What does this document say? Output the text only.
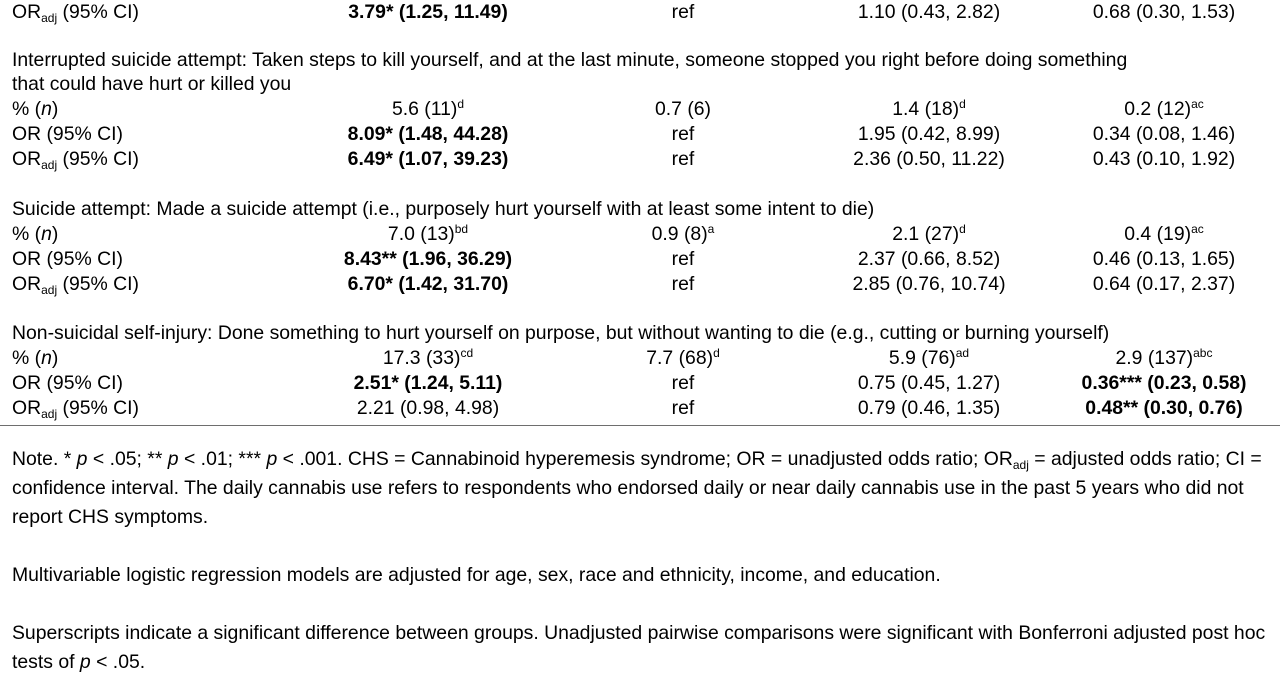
$OR_{adj}$ (95% CI)	3.79* (1.25, 11.49)	ref	1.10 (0.43, 2.82)	0.68 (0.30, 1.53)
Interrupted suicide attempt: Taken steps to kill yourself, and at the last minute, someone stopped you right before doing something
that could have hurt or killed you
% (n)	5.6 $(11)^d$	0.7 (6)	1.4 $(18)^d$	0.2 $(12)^{ac}$
OR (95% CI)	8.09* (1.48, 44.28)	ref	1.95 (0.42, 8.99)	0.34 (0.08, 1.46)
$OR_{adj}$ (95% CI)	6.49* (1.07, 39.23)	ref	2.36 (0.50, 11.22)	0.43 (0.10, 1.92)
Suicide attempt: Made a suicide attempt (i.e., purposely hurt yourself with at least some intent to die)
% (n)	7.0 $(13)^{bd}$	0.9 $(8)^a$	2.1 $(27)^d$	0.4 $(19)^{ac}$
OR (95% CI)	8.43** (1.96, 36.29)	ref	2.37 (0.66, 8.52)	0.46 (0.13, 1.65)
$OR_{adj}$ (95% CI)	6.70* (1.42, 31.70)	ref	2.85 (0.76, 10.74)	0.64 (0.17, 2.37)
Non-suicidal self-injury: Done something to hurt yourself on purpose, but without wanting to die (e.g., cutting or burning yourself)
% (n)	17.3 $(33)^{cd}$	7.7 $(68)^d$	5.9 $(76)^{ad}$	2.9 $(137)^{abc}$
OR (95% CI)	2.51* (1.24, 5.11)	ref	0.75 (0.45, 1.27)	0.36*** (0.23, 0.58)
$OR_{adj}$ (95% CI)	2.21 (0.98, 4.98)	ref	0.79 (0.46, 1.35)	0.48** (0.30, 0.76)
Note. * p < .05; ** p < .01; *** p < .001. CHS = Cannabinoid hyperemesis syndrome; OR = unadjusted odds ratio; $OR_{adj}$ = adjusted odds ratio; CI = confidence interval. The daily cannabis use refers to respondents who endorsed daily or near daily cannabis use in the past 5 years who did not report CHS symptoms.
Multivariable logistic regression models are adjusted for age, sex, race and ethnicity, income, and education.
Superscripts indicate a significant difference between groups. Unadjusted pairwise comparisons were significant with Bonferroni adjusted post hoc tests of p < .05.
